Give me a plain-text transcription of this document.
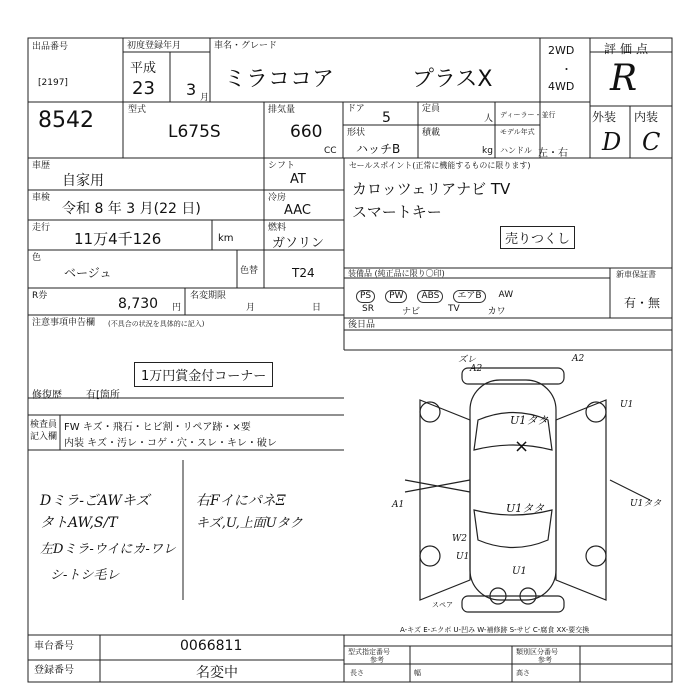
出品番号
[2197]
8542
初度登録年月
平成
23 3 月
車名・グレード
ミラココア	プラスX
2WD
・
4WD
評価点
R
型式
L675S
排気量
660
CC
ドア
5
定員
人 ディーラー・並行
形状
ハッチB
積載
kg
モデル年式
ハンドル 左・右
外装 内装
D C
車歴
自家用
シフト
AT
車検
令和 8 年 3 月(22 日)
冷房
AAC
走行
11万4千126	km
燃料
ガソリン
色
ベージュ	色替	T24
R券	8,730 円
名変期限
月	日
セールスポイント(正常に機能するものに限ります)
カロッツェリアナビ TV
スマートキー
売りつくし
装備品 (純正品に限り〇印)
PS	PW	ABS	エアB	AW
SR	ナビ	TV	カワ
新車保証書
有・無
後日品
注意事項申告欄 (不具合の状況を具体的に記入)
1万円賞金付コーナー
修復歴 有[箇所
検査員
記入欄
FW キズ・飛石・ヒビ割・リペア跡・×要
内装 キズ・汚レ・コゲ・穴・スレ・キレ・破レ
Dミラ-ごAWキズ	右FイにパネΞ
タトAW,S/T	キズ,U,上面Uタク
左Dミラ-ウイにカ-ワレ
シ-トシ毛レ
ズレ
A2
A2
U1
U1タタ
×
U1タタ
A1	U1タタ
W2
U1
U1
スペア
A-キズ E-エクボ U-凹み W-補修跡 S-サビ C-腐食 XX-要交換
車台番号	0066811
登録番号	名変中
型式指定番号
参考
類別区分番号
参考
長さ	幅	高さ
